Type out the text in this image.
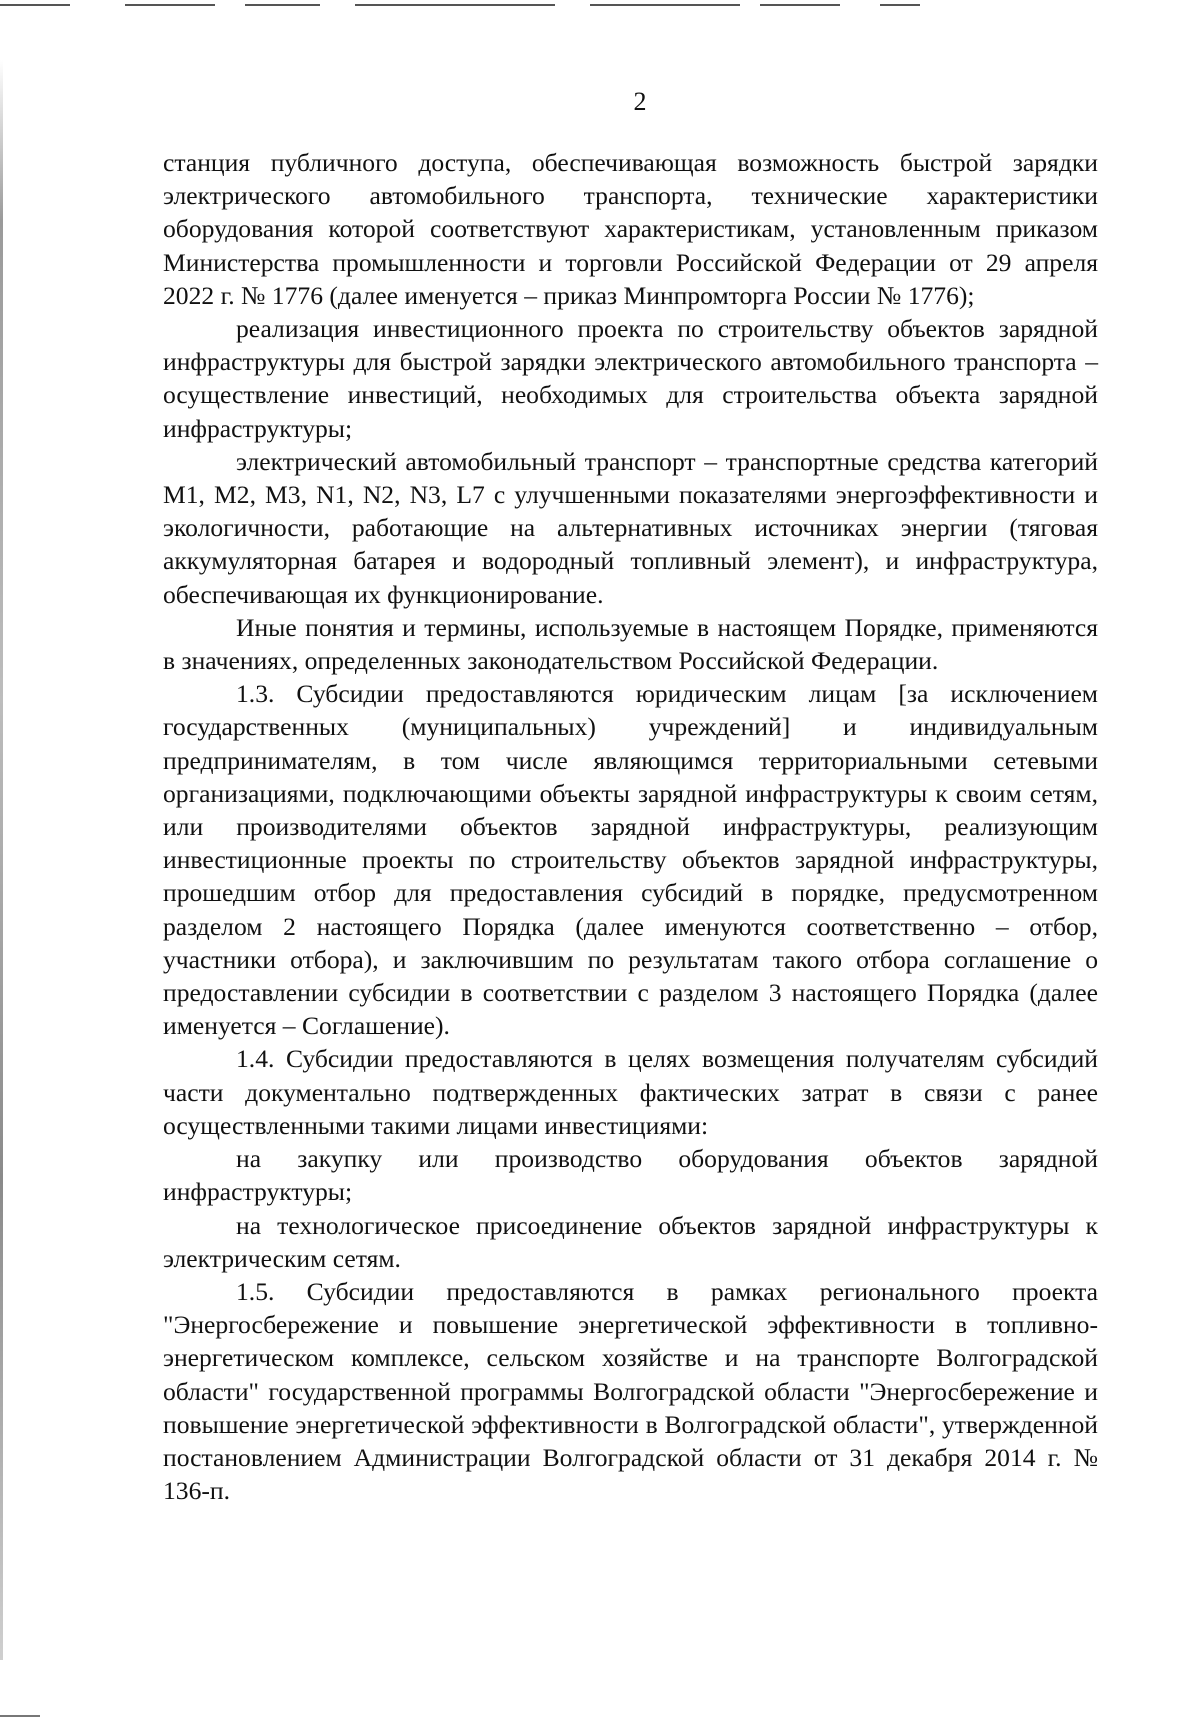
2

станция публичного доступа, обеспечивающая возможность быстрой зарядки электрического автомобильного транспорта, технические характеристики оборудования которой соответствуют характеристикам, установленным приказом Министерства промышленности и торговли Российской Федерации от 29 апреля 2022 г. № 1776 (далее именуется – приказ Минпромторга России № 1776);

реализация инвестиционного проекта по строительству объектов зарядной инфраструктуры для быстрой зарядки электрического автомобильного транспорта – осуществление инвестиций, необходимых для строительства объекта зарядной инфраструктуры;

электрический автомобильный транспорт – транспортные средства категорий M1, M2, M3, N1, N2, N3, L7 с улучшенными показателями энергоэффективности и экологичности, работающие на альтернативных источниках энергии (тяговая аккумуляторная батарея и водородный топливный элемент), и инфраструктура, обеспечивающая их функционирование.

Иные понятия и термины, используемые в настоящем Порядке, применяются в значениях, определенных законодательством Российской Федерации.

1.3. Субсидии предоставляются юридическим лицам [за исключением государственных (муниципальных) учреждений] и индивидуальным предпринимателям, в том числе являющимся территориальными сетевыми организациями, подключающими объекты зарядной инфраструктуры к своим сетям, или производителями объектов зарядной инфраструктуры, реализующим инвестиционные проекты по строительству объектов зарядной инфраструктуры, прошедшим отбор для предоставления субсидий в порядке, предусмотренном разделом 2 настоящего Порядка (далее именуются соответственно – отбор, участники отбора), и заключившим по результатам такого отбора соглашение о предоставлении субсидии в соответствии с разделом 3 настоящего Порядка (далее именуется – Соглашение).

1.4. Субсидии предоставляются в целях возмещения получателям субсидий части документально подтвержденных фактических затрат в связи с ранее осуществленными такими лицами инвестициями:

на закупку или производство оборудования объектов зарядной инфраструктуры;

на технологическое присоединение объектов зарядной инфраструктуры к электрическим сетям.

1.5. Субсидии предоставляются в рамках регионального проекта "Энергосбережение и повышение энергетической эффективности в топливно-энергетическом комплексе, сельском хозяйстве и на транспорте Волгоградской области" государственной программы Волгоградской области "Энергосбережение и повышение энергетической эффективности в Волгоградской области", утвержденной постановлением Администрации Волгоградской области от 31 декабря 2014 г. № 136-п.
